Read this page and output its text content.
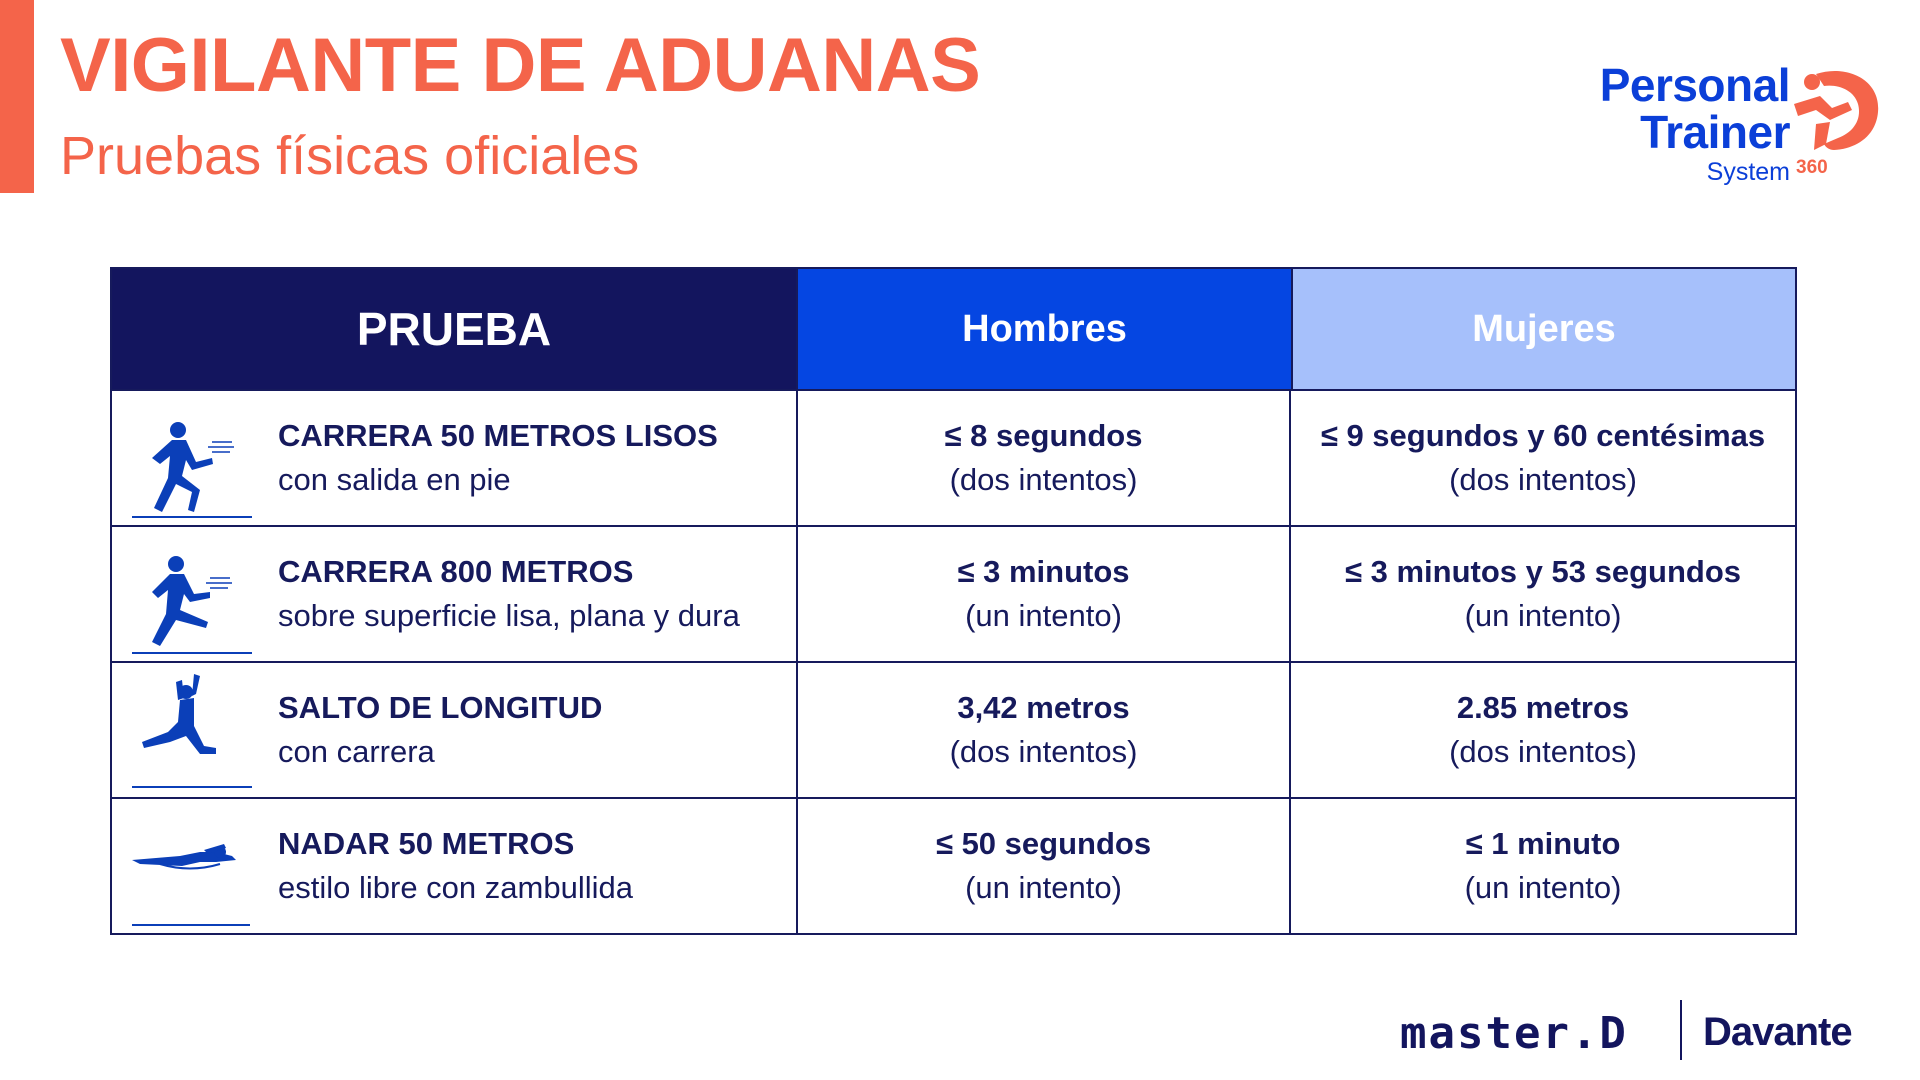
VIGILANTE DE ADUANAS
Pruebas físicas oficiales
Personal
Trainer
System 360
PRUEBA	Hombres	Mujeres
CARRERA 50 METROS LISOS
con salida en pie
≤ 8 segundos
(dos intentos)
≤ 9 segundos y 60 centésimas
(dos intentos)
CARRERA 800 METROS
sobre superficie lisa, plana y dura
≤ 3 minutos
(un intento)
≤ 3 minutos y 53 segundos
(un intento)
SALTO DE LONGITUD
con carrera
3,42 metros
(dos intentos)
2.85 metros
(dos intentos)
NADAR 50 METROS
estilo libre con zambullida
≤ 50 segundos
(un intento)
≤ 1 minuto
(un intento)
master.D Davante
